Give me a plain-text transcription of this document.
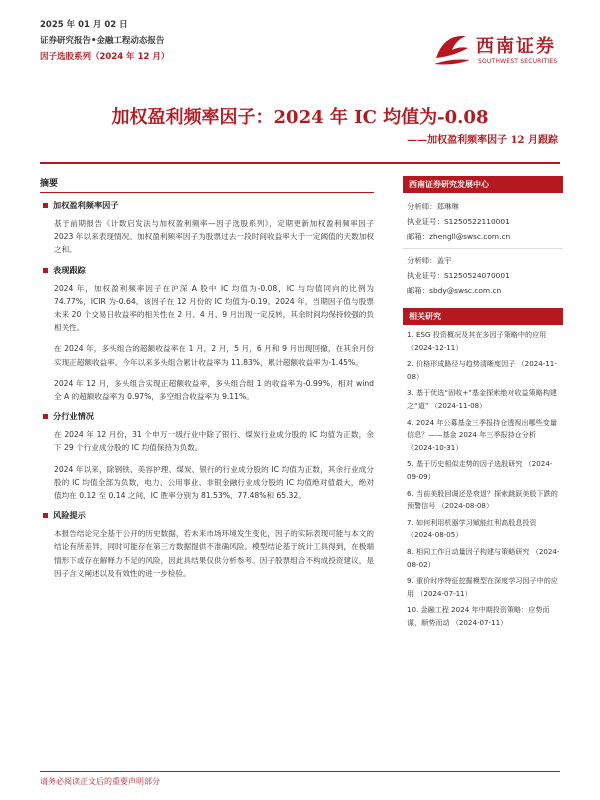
2025 年 01 月 02 日
证券研究报告•金融工程动态报告
因子选股系列（2024 年 12 月）	西南证券
SOUTHWEST SECURITIES
加权盈利频率因子：2024 年 IC 均值为-0.08
——加权盈利频率因子 12 月跟踪
摘要
加权盈利频率因子
基于前期报告《计数启发法与加权盈利频率—因子选股系列》，定期更新加权盈利频率因子 2023 年以来表现情况。加权盈利频率因子为股票过去一段时间收益率大于一定阈值的天数加权之和。
表现跟踪
2024 年，加权盈利频率因子在沪深 A 股中 IC 均值为-0.08，IC 与均值同向的比例为 74.77%，ICIR 为-0.64。该因子在 12 月份的 IC 均值为-0.19。2024 年，当期因子值与股票未来 20 个交易日收益率的相关性在 2 月、4 月、9 月出现一定反转，其余时间均保持较强的负相关性。
在 2024 年，多头组合的超额收益率在 1 月，2 月，5 月，6 月和 9 月出现回撤，在其余月份实现正超额收益率。今年以来多头组合累计收益率为 11.83%，累计超额收益率为-1.45%。
2024 年 12 月，多头组合实现正超额收益率，多头组合组 1 的收益率为-0.99%，相对 wind 全 A 的超额收益率为 0.97%，多空组合收益率为 9.11%。
分行业情况
在 2024 年 12 月份，31 个申万一级行业中除了银行、煤炭行业成分股的 IC 均值为正数，余下 29 个行业成分股的 IC 均值保持为负数。
2024 年以来，除钢铁、美容护理、煤炭、银行的行业成分股的 IC 均值为正数，其余行业成分股的 IC 均值全部为负数，电力、公用事业、非银金融行业成分股的 IC 均值绝对值最大，绝对值均在 0.12 至 0.14 之间，IC 胜率分别为 81.53%、77.48%和 65.32。
风险提示
本报告结论完全基于公开的历史数据，若未来市场环境发生变化，因子的实际表现可能与本文的结论有所差异，同时可能存在第三方数据提供不准确风险。模型结论基于统计工具得到，在极端情形下或存在解释力不足的风险，因此具结果仅供分析参考。因子股票组合不构成投资建议，是因子含义阐述以及有效性的进一步检验。
西南证券研究发展中心
分析师：郑琳琳
执业证号：S1250522110001
邮箱：zhengll@swsc.com.cn
分析师：盖宇
执业证号：S1250524070001
邮箱：sbdy@swsc.com.cn
相关研究
1. ESG 投资概况及其在多因子策略中的应用 （2024-12-11）
2. 价格形成路径与趋势清晰度因子 （2024-11-08）
3. 基于优选“固收+”基金探索绝对收益策略构建之“道” （2024-11-08）
4. 2024 年公募基金三季报持仓透视出哪些变量信息？——基金 2024 年三季报持仓分析 （2024-10-31）
5. 基于历史相似走势的因子选股研究 （2024-09-09）
6. 当前美股回调还是衰退？探索跳跃美股下跌的预警信号 （2024-08-08）
7. 如何利用机器学习赋能红利高股息投资 （2024-08-05）
8. 相同工作日动量因子构建与策略研究 （2024-08-02）
9. 重价时序特征挖掘模型在深度学习因子中的应用 （2024-07-11）
10. 金融工程 2024 年中期投资策略：应势而谋，顺势而动 （2024-07-11）
请务必阅读正文后的重要声明部分
